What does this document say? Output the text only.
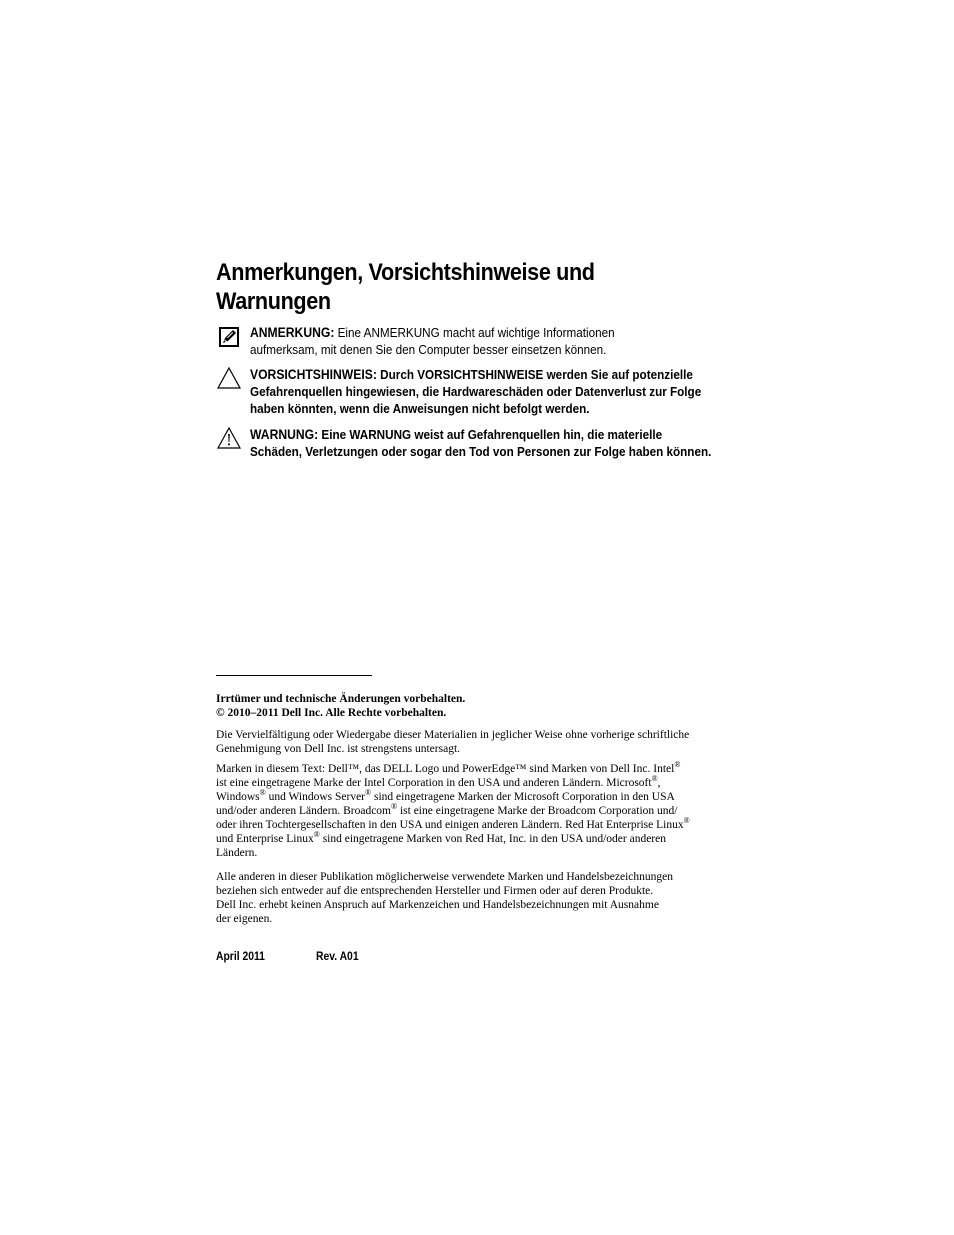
Anmerkungen, Vorsichtshinweise und
Warnungen
ANMERKUNG: Eine ANMERKUNG macht auf wichtige Informationen
aufmerksam, mit denen Sie den Computer besser einsetzen können.
VORSICHTSHINWEIS: Durch VORSICHTSHINWEISE werden Sie auf potenzielle
Gefahrenquellen hingewiesen, die Hardwareschäden oder Datenverlust zur Folge
haben könnten, wenn die Anweisungen nicht befolgt werden.
WARNUNG: Eine WARNUNG weist auf Gefahrenquellen hin, die materielle
Schäden, Verletzungen oder sogar den Tod von Personen zur Folge haben können.
Irrtümer und technische Änderungen vorbehalten.
© 2010–2011 Dell Inc. Alle Rechte vorbehalten.
Die Vervielfältigung oder Wiedergabe dieser Materialien in jeglicher Weise ohne vorherige schriftliche
Genehmigung von Dell Inc. ist strengstens untersagt.
Marken in diesem Text: Dell™, das DELL Logo und PowerEdge™ sind Marken von Dell Inc. Intel®
ist eine eingetragene Marke der Intel Corporation in den USA und anderen Ländern. Microsoft®,
Windows® und Windows Server® sind eingetragene Marken der Microsoft Corporation in den USA
und/oder anderen Ländern. Broadcom® ist eine eingetragene Marke der Broadcom Corporation und/
oder ihren Tochtergesellschaften in den USA und einigen anderen Ländern. Red Hat Enterprise Linux®
und Enterprise Linux® sind eingetragene Marken von Red Hat, Inc. in den USA und/oder anderen
Ländern.
Alle anderen in dieser Publikation möglicherweise verwendete Marken und Handelsbezeichnungen
beziehen sich entweder auf die entsprechenden Hersteller und Firmen oder auf deren Produkte.
Dell Inc. erhebt keinen Anspruch auf Markenzeichen und Handelsbezeichnungen mit Ausnahme
der eigenen.
April 2011	Rev. A01
